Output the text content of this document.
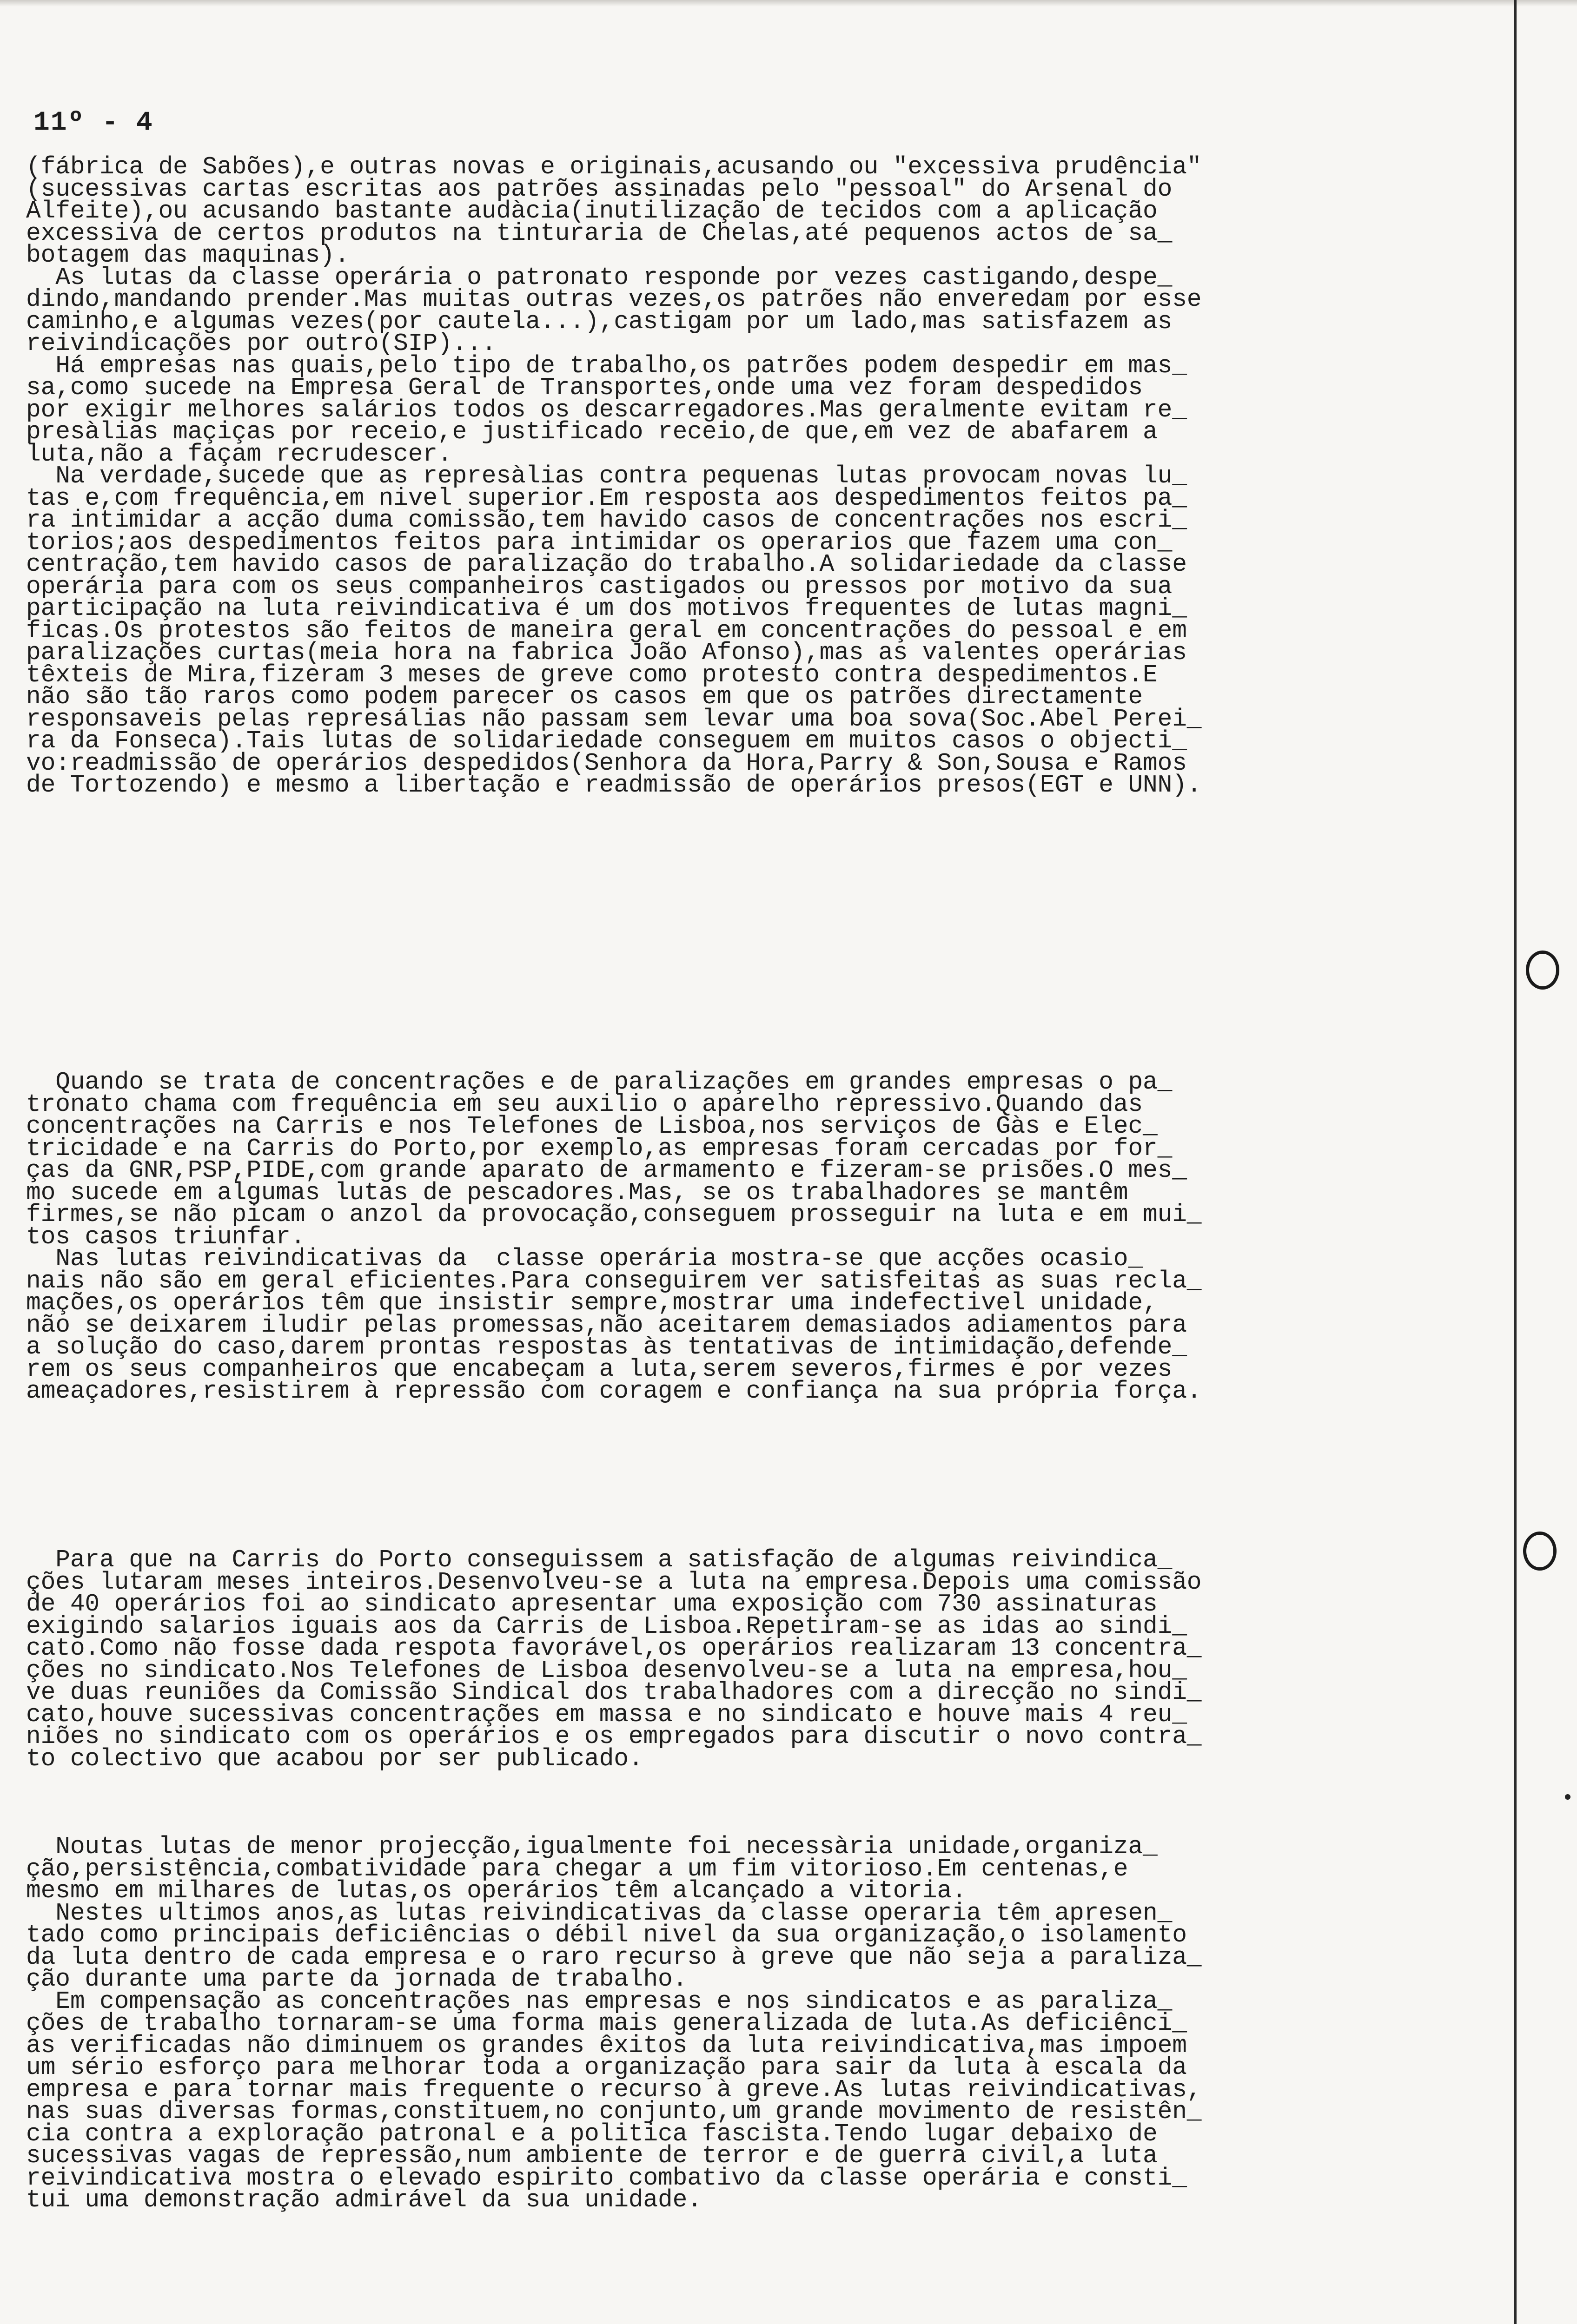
11º - 4
(fábrica de Sabões),e outras novas e originais,acusando ou "excessiva prudência"
(sucessivas cartas escritas aos patrões assinadas pelo "pessoal" do Arsenal do
Alfeite),ou acusando bastante audàcia(inutilização de tecidos com a aplicação
excessiva de certos produtos na tinturaria de Chelas,até pequenos actos de sa_
botagem das maquinas).
As lutas da classe operária o patronato responde por vezes castigando,despe_
dindo,mandando prender.Mas muitas outras vezes,os patrões não enveredam por esse
caminho,e algumas vezes(por cautela...),castigam por um lado,mas satisfazem as
reivindicações por outro(SIP)...
Há empresas nas quais,pelo tipo de trabalho,os patrões podem despedir em mas_
sa,como sucede na Empresa Geral de Transportes,onde uma vez foram despedidos
por exigir melhores salários todos os descarregadores.Mas geralmente evitam re_
presàlias maçiças por receio,e justificado receio,de que,em vez de abafarem a
luta,não a façam recrudescer.
Na verdade,sucede que as represàlias contra pequenas lutas provocam novas lu_
tas e,com frequência,em nivel superior.Em resposta aos despedimentos feitos pa_
ra intimidar a acção duma comissão,tem havido casos de concentrações nos escri_
torios;aos despedimentos feitos para intimidar os operarios que fazem uma con_
centração,tem havido casos de paralização do trabalho.A solidariedade da classe
operária para com os seus companheiros castigados ou pressos por motivo da sua
participação na luta reivindicativa é um dos motivos frequentes de lutas magni_
ficas.Os protestos são feitos de maneira geral em concentrações do pessoal e em
paralizações curtas(meia hora na fabrica João Afonso),mas as valentes operárias
têxteis de Mira,fizeram 3 meses de greve como protesto contra despedimentos.E
não são tão raros como podem parecer os casos em que os patrões directamente
responsaveis pelas represálias não passam sem levar uma boa sova(Soc.Abel Perei_
ra da Fonseca).Tais lutas de solidariedade conseguem em muitos casos o objecti_
vo:readmissão de operários despedidos(Senhora da Hora,Parry & Son,Sousa e Ramos
de Tortozendo) e mesmo a libertação e readmissão de operários presos(EGT e UNN).
Quando se trata de concentrações e de paralizações em grandes empresas o pa_
tronato chama com frequência em seu auxilio o aparelho repressivo.Quando das
concentrações na Carris e nos Telefones de Lisboa,nos serviços de Gàs e Elec_
tricidade e na Carris do Porto,por exemplo,as empresas foram cercadas por for_
ças da GNR,PSP,PIDE,com grande aparato de armamento e fizeram-se prisões.O mes_
mo sucede em algumas lutas de pescadores.Mas, se os trabalhadores se mantêm
firmes,se não picam o anzol da provocação,conseguem prosseguir na luta e em mui_
tos casos triunfar.
Nas lutas reivindicativas da  classe operária mostra-se que acções ocasio_
nais não são em geral eficientes.Para conseguirem ver satisfeitas as suas recla_
mações,os operários têm que insistir sempre,mostrar uma indefectivel unidade,
não se deixarem iludir pelas promessas,não aceitarem demasiados adiamentos para
a solução do caso,darem prontas respostas às tentativas de intimidação,defende_
rem os seus companheiros que encabeçam a luta,serem severos,firmes e por vezes
ameaçadores,resistirem à repressão com coragem e confiança na sua própria força.
Para que na Carris do Porto conseguissem a satisfação de algumas reivindica_
ções lutaram meses inteiros.Desenvolveu-se a luta na empresa.Depois uma comissão
de 40 operários foi ao sindicato apresentar uma exposição com 730 assinaturas
exigindo salarios iguais aos da Carris de Lisboa.Repetiram-se as idas ao sindi_
cato.Como não fosse dada respota favorável,os operários realizaram 13 concentra_
ções no sindicato.Nos Telefones de Lisboa desenvolveu-se a luta na empresa,hou_
ve duas reuniões da Comissão Sindical dos trabalhadores com a direcção no sindi_
cato,houve sucessivas concentrações em massa e no sindicato e houve mais 4 reu_
niões no sindicato com os operários e os empregados para discutir o novo contra_
to colectivo que acabou por ser publicado.
Noutas lutas de menor projecção,igualmente foi necessària unidade,organiza_
ção,persistência,combatividade para chegar a um fim vitorioso.Em centenas,e
mesmo em milhares de lutas,os operários têm alcançado a vitoria.
Nestes ultimos anos,as lutas reivindicativas da classe operaria têm apresen_
tado como principais deficiências o débil nivel da sua organização,o isolamento
da luta dentro de cada empresa e o raro recurso à greve que não seja a paraliza_
ção durante uma parte da jornada de trabalho.
Em compensação as concentrações nas empresas e nos sindicatos e as paraliza_
ções de trabalho tornaram-se uma forma mais generalizada de luta.As deficiênci_
as verificadas não diminuem os grandes êxitos da luta reivindicativa,mas impoem
um sério esforço para melhorar toda a organização para sair da luta à escala da
empresa e para tornar mais frequente o recurso à greve.As lutas reivindicativas,
nas suas diversas formas,constituem,no conjunto,um grande movimento de resistên_
cia contra a exploração patronal e a politica fascista.Tendo lugar debaixo de
sucessivas vagas de repressão,num ambiente de terror e de guerra civil,a luta
reivindicativa mostra o elevado espirito combativo da classe operária e consti_
tui uma demonstração admirável da sua unidade.
